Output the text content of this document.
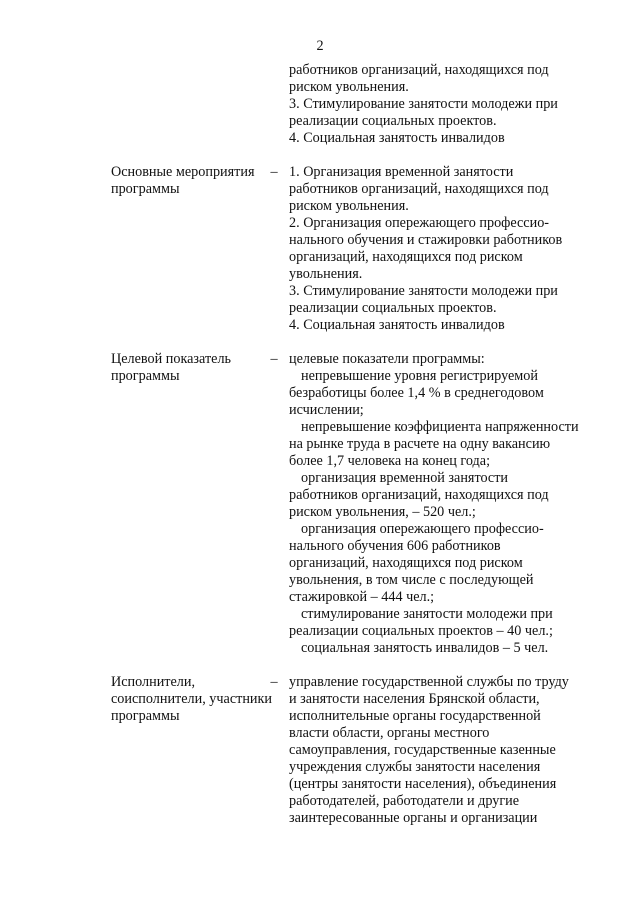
2
работников организаций, находящихся под
риском увольнения.
3. Стимулирование занятости молодежи при
реализации социальных проектов.
4. Социальная занятость инвалидов
Основные мероприятия
программы
– 1. Организация временной занятости
работников организаций, находящихся под
риском увольнения.
2. Организация опережающего профессио-
нального обучения и стажировки работников
организаций, находящихся под риском
увольнения.
3. Стимулирование занятости молодежи при
реализации социальных проектов.
4. Социальная занятость инвалидов
Целевой показатель
программы
– целевые показатели программы:
непревышение уровня регистрируемой
безработицы более 1,4 % в среднегодовом
исчислении;
непревышение коэффициента напряженности
на рынке труда в расчете на одну вакансию
более 1,7 человека на конец года;
организация временной занятости
работников организаций, находящихся под
риском увольнения, – 520 чел.;
организация опережающего профессио-
нального обучения 606 работников
организаций, находящихся под риском
увольнения, в том числе с последующей
стажировкой – 444 чел.;
стимулирование занятости молодежи при
реализации социальных проектов – 40 чел.;
социальная занятость инвалидов – 5 чел.
Исполнители,
соисполнители, участники
программы
– управление государственной службы по труду
и занятости населения Брянской области,
исполнительные органы государственной
власти области, органы местного
самоуправления, государственные казенные
учреждения службы занятости населения
(центры занятости населения), объединения
работодателей, работодатели и другие
заинтересованные органы и организации
